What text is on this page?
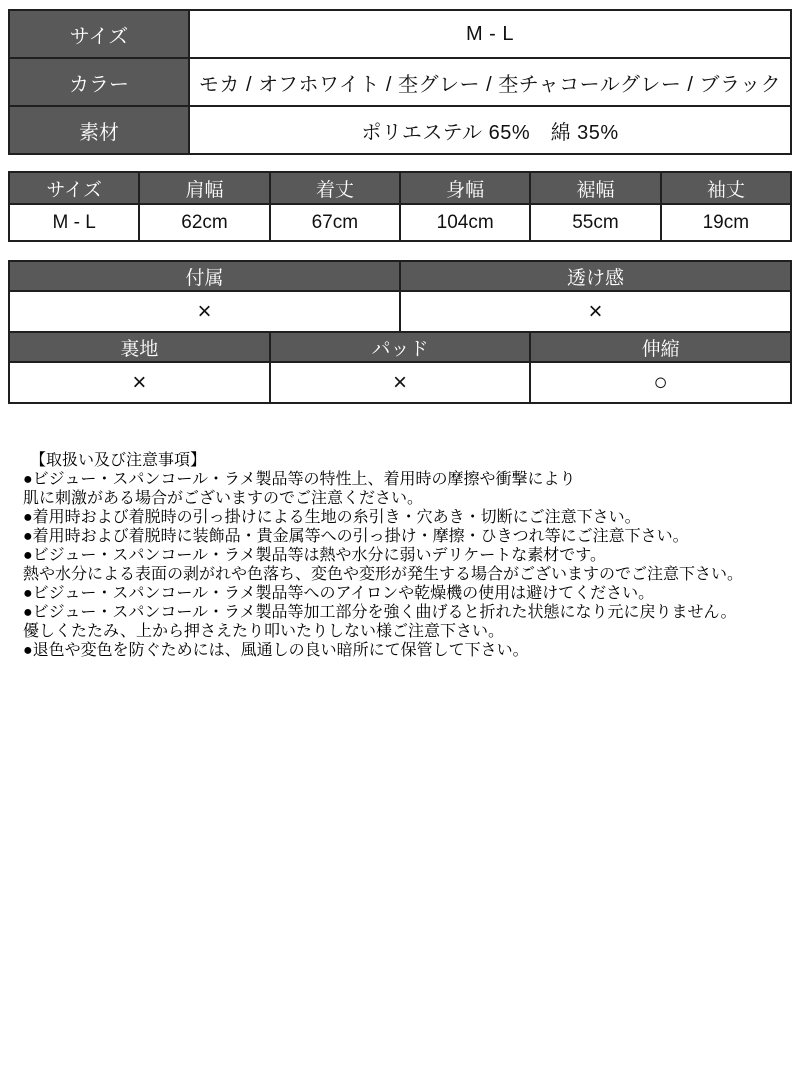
サイズ	M - L
カラー	モカ / オフホワイト / 杢グレー / 杢チャコールグレー / ブラック
素材	ポリエステル 65%　綿 35%
サイズ	肩幅	着丈	身幅	裾幅	袖丈
M - L	62cm	67cm	104cm	55cm	19cm
付属		透け感	
×		×	
裏地	パッド		伸縮
×	×		○
【取扱い及び注意事項】
●ビジュー・スパンコール・ラメ製品等の特性上、着用時の摩擦や衝撃により
肌に刺激がある場合がございますのでご注意ください。
●着用時および着脱時の引っ掛けによる生地の糸引き・穴あき・切断にご注意下さい。
●着用時および着脱時に装飾品・貴金属等への引っ掛け・摩擦・ひきつれ等にご注意下さい。
●ビジュー・スパンコール・ラメ製品等は熱や水分に弱いデリケートな素材です。
熱や水分による表面の剥がれや色落ち、変色や変形が発生する場合がございますのでご注意下さい。
●ビジュー・スパンコール・ラメ製品等へのアイロンや乾燥機の使用は避けてください。
●ビジュー・スパンコール・ラメ製品等加工部分を強く曲げると折れた状態になり元に戻りません。
優しくたたみ、上から押さえたり叩いたりしない様ご注意下さい。
●退色や変色を防ぐためには、風通しの良い暗所にて保管して下さい。
